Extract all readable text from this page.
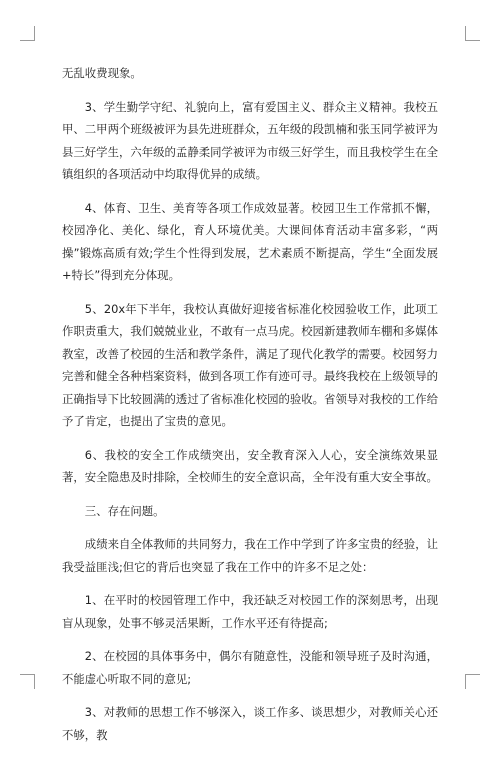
无乱收费现象。

3、学生勤学守纪、礼貌向上，富有爱国主义、群众主义精神。我校五甲、二甲两个班级被评为县先进班群众，五年级的段凯楠和张玉同学被评为县三好学生，六年级的孟静柔同学被评为市级三好学生，而且我校学生在全镇组织的各项活动中均取得优异的成绩。

4、体育、卫生、美育等各项工作成效显著。校园卫生工作常抓不懈，校园净化、美化、绿化，育人环境优美。大课间体育活动丰富多彩，“两操”锻炼高质有效;学生个性得到发展，艺术素质不断提高，学生“全面发展+特长”得到充分体现。

5、20x年下半年，我校认真做好迎接省标准化校园验收工作，此项工作职责重大，我们兢兢业业，不敢有一点马虎。校园新建教师车棚和多媒体教室，改善了校园的生活和教学条件，满足了现代化教学的需要。校园努力完善和健全各种档案资料，做到各项工作有迹可寻。最终我校在上级领导的正确指导下比较圆满的透过了省标准化校园的验收。省领导对我校的工作给予了肯定，也提出了宝贵的意见。

6、我校的安全工作成绩突出，安全教育深入人心，安全演练效果显著，安全隐患及时排除，全校师生的安全意识高，全年没有重大安全事故。

三、存在问题。

成绩来自全体教师的共同努力，我在工作中学到了许多宝贵的经验，让我受益匪浅;但它的背后也突显了我在工作中的许多不足之处：

1、在平时的校园管理工作中，我还缺乏对校园工作的深刻思考，出现盲从现象，处事不够灵活果断，工作水平还有待提高;

2、在校园的具体事务中，偶尔有随意性，没能和领导班子及时沟通，不能虚心听取不同的意见;

3、对教师的思想工作不够深入，谈工作多、谈思想少，对教师关心还不够，教
